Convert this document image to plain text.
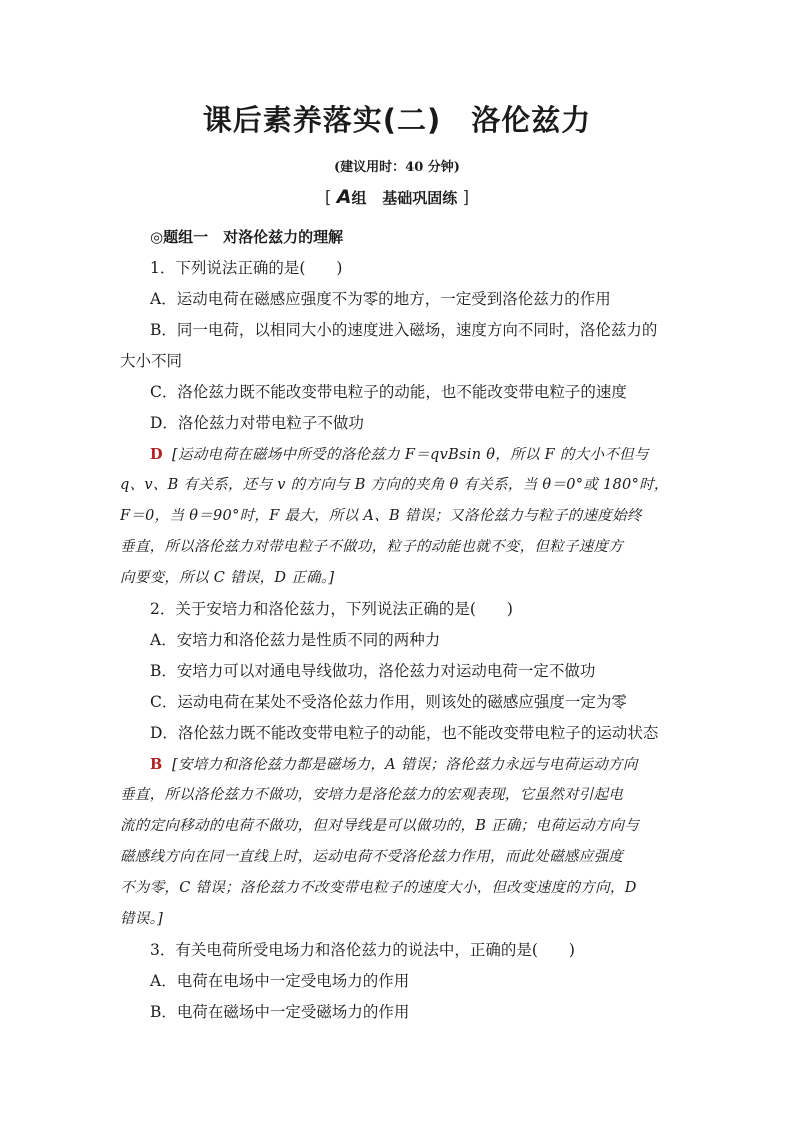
课后素养落实(二) 洛伦兹力
(建议用时：40 分钟)
[ A组 基础巩固练 ]
◎题组一　对洛伦兹力的理解
1．下列说法正确的是(　　)
A．运动电荷在磁感应强度不为零的地方，一定受到洛伦兹力的作用
B．同一电荷，以相同大小的速度进入磁场，速度方向不同时，洛伦兹力的
大小不同
C．洛伦兹力既不能改变带电粒子的动能，也不能改变带电粒子的速度
D．洛伦兹力对带电粒子不做功
D [运动电荷在磁场中所受的洛伦兹力 F＝qvBsin θ，所以 F 的大小不但与
q、v、B 有关系，还与 v 的方向与 B 方向的夹角 θ 有关系，当 θ＝0°或 180°时，
F＝0，当 θ＝90°时，F 最大，所以 A、B 错误；又洛伦兹力与粒子的速度始终
垂直，所以洛伦兹力对带电粒子不做功，粒子的动能也就不变，但粒子速度方
向要变，所以 C 错误，D 正确。]
2．关于安培力和洛伦兹力，下列说法正确的是(　　)
A．安培力和洛伦兹力是性质不同的两种力
B．安培力可以对通电导线做功，洛伦兹力对运动电荷一定不做功
C．运动电荷在某处不受洛伦兹力作用，则该处的磁感应强度一定为零
D．洛伦兹力既不能改变带电粒子的动能，也不能改变带电粒子的运动状态
B [安培力和洛伦兹力都是磁场力，A 错误；洛伦兹力永远与电荷运动方向
垂直，所以洛伦兹力不做功，安培力是洛伦兹力的宏观表现，它虽然对引起电
流的定向移动的电荷不做功，但对导线是可以做功的，B 正确；电荷运动方向与
磁感线方向在同一直线上时，运动电荷不受洛伦兹力作用，而此处磁感应强度
不为零，C 错误；洛伦兹力不改变带电粒子的速度大小，但改变速度的方向，D
错误。]
3．有关电荷所受电场力和洛伦兹力的说法中，正确的是(　　)
A．电荷在电场中一定受电场力的作用
B．电荷在磁场中一定受磁场力的作用
